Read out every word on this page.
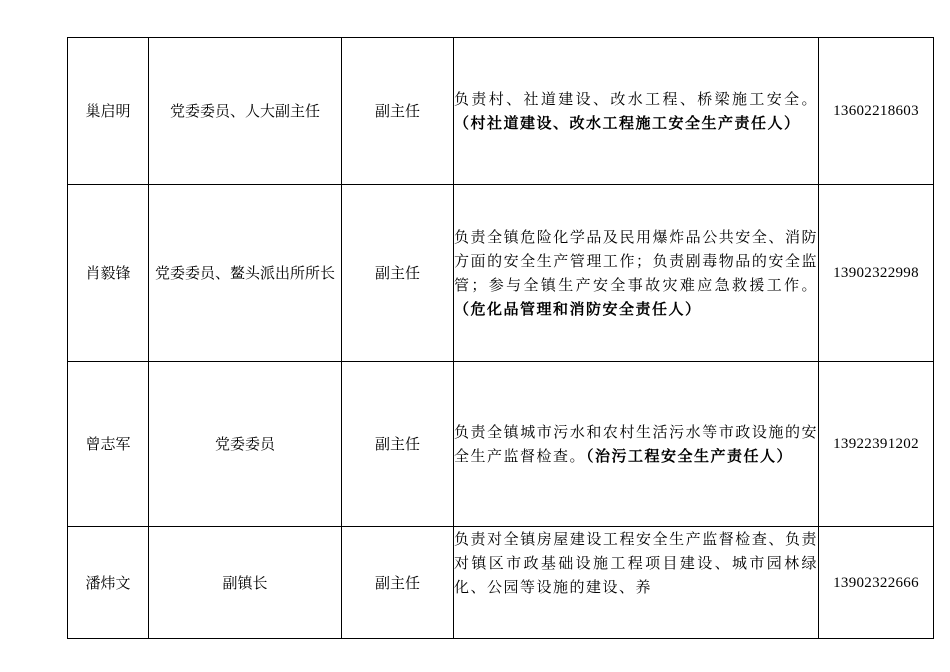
巢启明	党委委员、人大副主任	副主任	负责村、社道建设、改水工程、桥梁施工安全。（村社道建设、改水工程施工安全生产责任人）	13602218603
肖毅锋	党委委员、鳌头派出所所长	副主任	负责全镇危险化学品及民用爆炸品公共安全、消防方面的安全生产管理工作；负责剧毒物品的安全监管；参与全镇生产安全事故灾难应急救援工作。（危化品管理和消防安全责任人）	13902322998
曾志军	党委委员	副主任	负责全镇城市污水和农村生活污水等市政设施的安全生产监督检查。（治污工程安全生产责任人）	13922391202
潘炜文	副镇长	副主任	负责对全镇房屋建设工程安全生产监督检查、负责对镇区市政基础设施工程项目建设、城市园林绿化、公园等设施的建设、养	13902322666
